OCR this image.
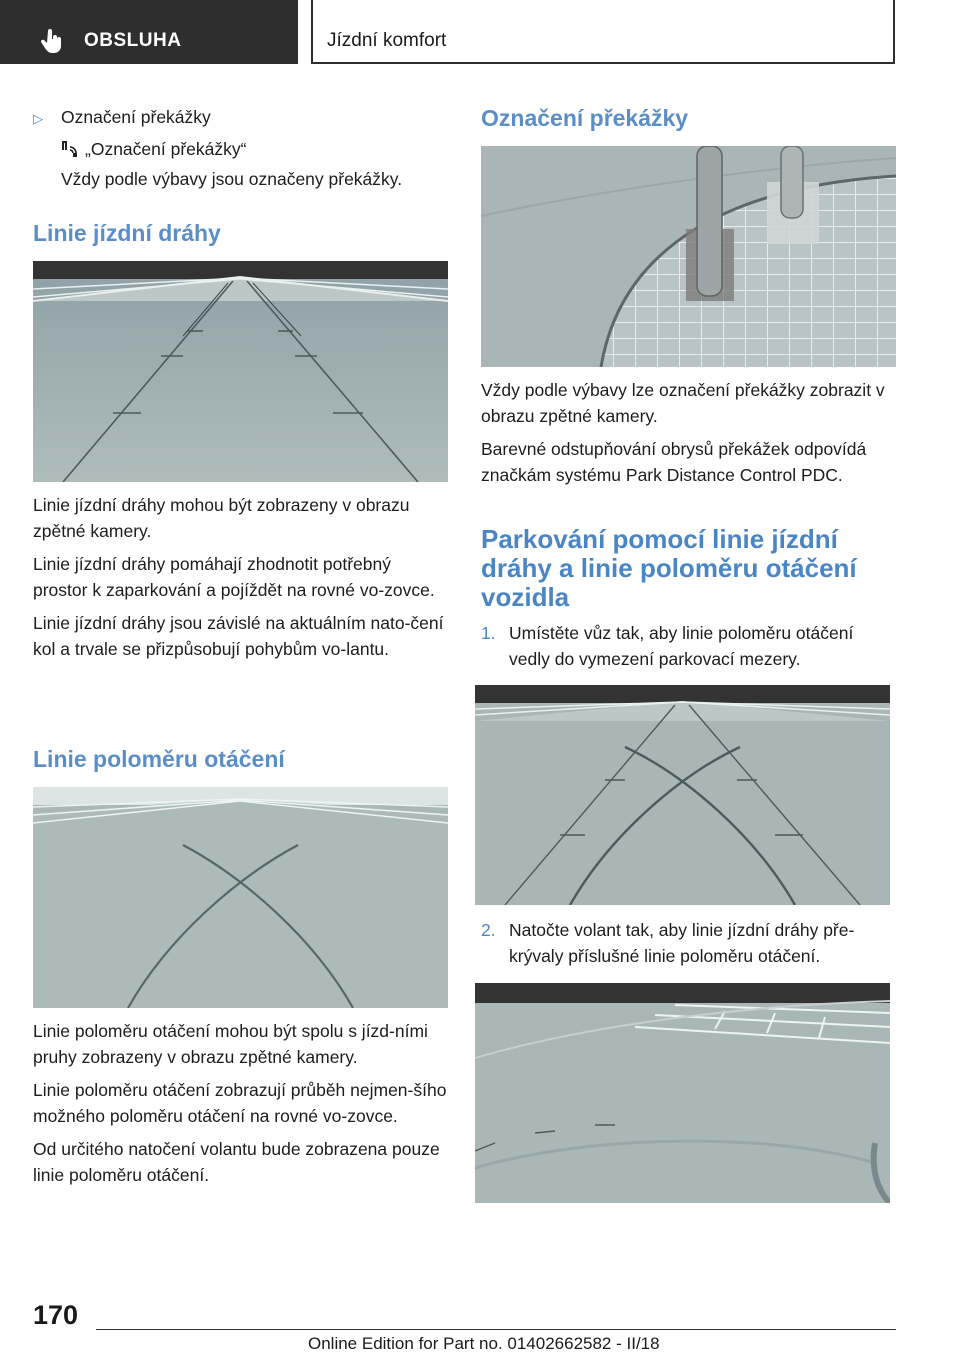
OBSLUHA	Jízdní komfort

▷ Označení překážky

„Označení překážky“

Vždy podle výbavy jsou označeny překážky.

Linie jízdní dráhy

Linie jízdní dráhy mohou být zobrazeny v obrazu zpětné kamery.

Linie jízdní dráhy pomáhají zhodnotit potřebný prostor k zaparkování a pojíždět na rovné vo-zovce.

Linie jízdní dráhy jsou závislé na aktuálním nato-čení kol a trvale se přizpůsobují pohybům vo-lantu.

Linie poloměru otáčení

Linie poloměru otáčení mohou být spolu s jízd-ními pruhy zobrazeny v obrazu zpětné kamery.

Linie poloměru otáčení zobrazují průběh nejmen-šího možného poloměru otáčení na rovné vo-zovce.

Od určitého natočení volantu bude zobrazena pouze linie poloměru otáčení.

Označení překážky

Vždy podle výbavy lze označení překážky zobrazit v obrazu zpětné kamery.

Barevné odstupňování obrysů překážek odpovídá značkám systému Park Distance Control PDC.

Parkování pomocí linie jízdní dráhy a linie poloměru otáčení vozidla

1. Umístěte vůz tak, aby linie poloměru otáčení vedly do vymezení parkovací mezery.

2. Natočte volant tak, aby linie jízdní dráhy pře-krývaly příslušné linie poloměru otáčení.

170
Online Edition for Part no. 01402662582 - II/18
